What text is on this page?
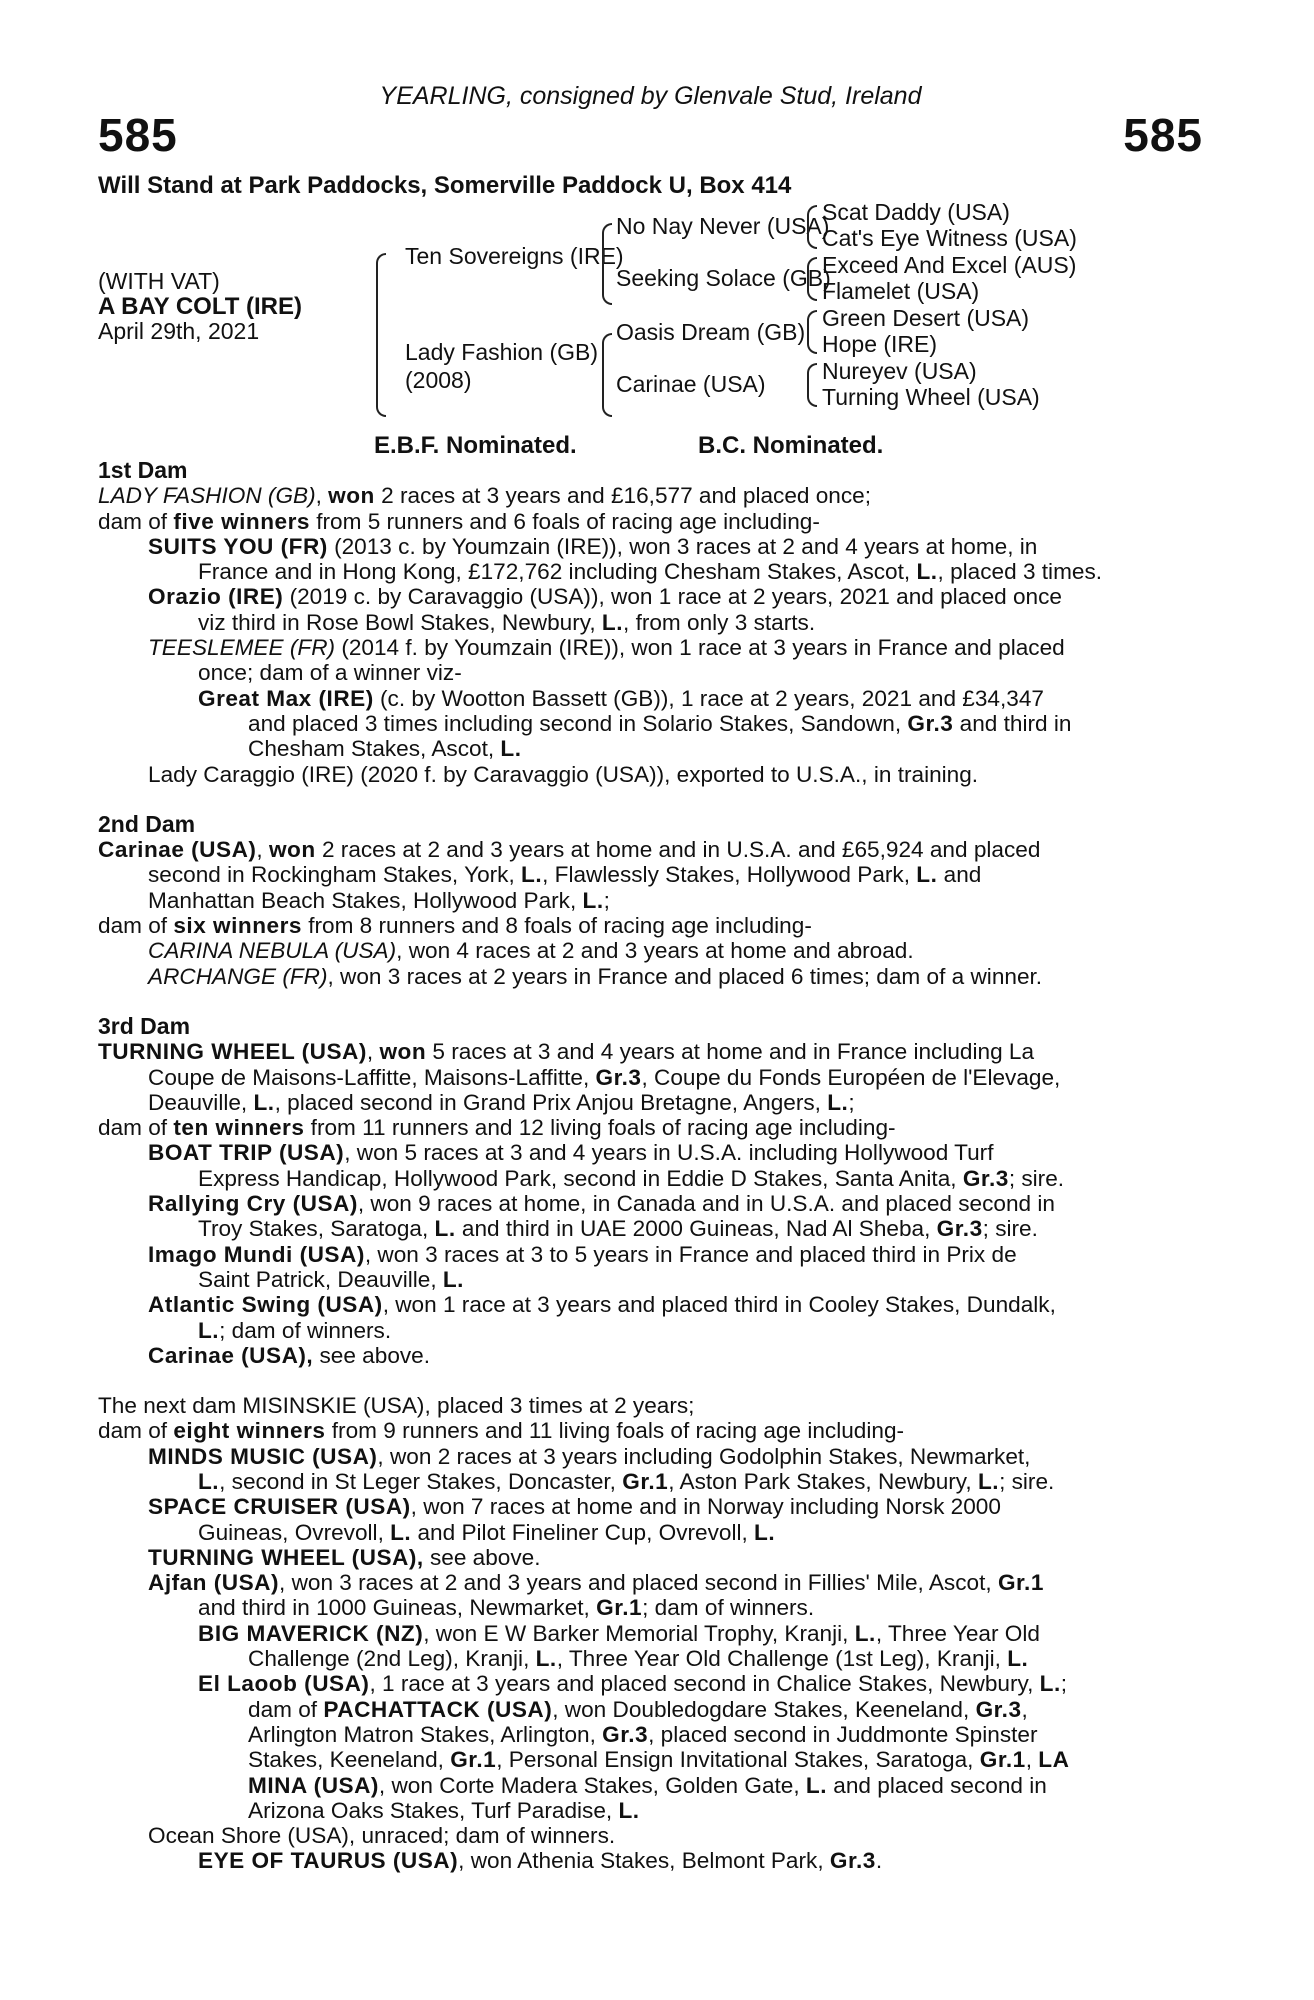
YEARLING, consigned by Glenvale Stud, Ireland
585	585
Will Stand at Park Paddocks, Somerville Paddock U, Box 414
(WITH VAT)
A BAY COLT (IRE)
April 29th, 2021
Ten Sovereigns (IRE)
Lady Fashion (GB)
(2008)
No Nay Never (USA)
Seeking Solace (GB)
Oasis Dream (GB)
Carinae (USA)
Scat Daddy (USA)
Cat's Eye Witness (USA)
Exceed And Excel (AUS)
Flamelet (USA)
Green Desert (USA)
Hope (IRE)
Nureyev (USA)
Turning Wheel (USA)
E.B.F. Nominated.	B.C. Nominated.

1st Dam

LADY FASHION (GB), won 2 races at 3 years and £16,577 and placed once;

dam of five winners from 5 runners and 6 foals of racing age including-

SUITS YOU (FR) (2013 c. by Youmzain (IRE)), won 3 races at 2 and 4 years at home, in
France and in Hong Kong, £172,762 including Chesham Stakes, Ascot, L., placed 3 times.

Orazio (IRE) (2019 c. by Caravaggio (USA)), won 1 race at 2 years, 2021 and placed once
viz third in Rose Bowl Stakes, Newbury, L., from only 3 starts.

TEESLEMEE (FR) (2014 f. by Youmzain (IRE)), won 1 race at 3 years in France and placed
once; dam of a winner viz-

Great Max (IRE) (c. by Wootton Bassett (GB)), 1 race at 2 years, 2021 and £34,347
and placed 3 times including second in Solario Stakes, Sandown, Gr.3 and third in
Chesham Stakes, Ascot, L.

Lady Caraggio (IRE) (2020 f. by Caravaggio (USA)), exported to U.S.A., in training.

2nd Dam

Carinae (USA), won 2 races at 2 and 3 years at home and in U.S.A. and £65,924 and placed
second in Rockingham Stakes, York, L., Flawlessly Stakes, Hollywood Park, L. and
Manhattan Beach Stakes, Hollywood Park, L.;

dam of six winners from 8 runners and 8 foals of racing age including-

CARINA NEBULA (USA), won 4 races at 2 and 3 years at home and abroad.

ARCHANGE (FR), won 3 races at 2 years in France and placed 6 times; dam of a winner.

3rd Dam

TURNING WHEEL (USA), won 5 races at 3 and 4 years at home and in France including La
Coupe de Maisons-Laffitte, Maisons-Laffitte, Gr.3, Coupe du Fonds Européen de l'Elevage,
Deauville, L., placed second in Grand Prix Anjou Bretagne, Angers, L.;

dam of ten winners from 11 runners and 12 living foals of racing age including-

BOAT TRIP (USA), won 5 races at 3 and 4 years in U.S.A. including Hollywood Turf
Express Handicap, Hollywood Park, second in Eddie D Stakes, Santa Anita, Gr.3; sire.

Rallying Cry (USA), won 9 races at home, in Canada and in U.S.A. and placed second in
Troy Stakes, Saratoga, L. and third in UAE 2000 Guineas, Nad Al Sheba, Gr.3; sire.

Imago Mundi (USA), won 3 races at 3 to 5 years in France and placed third in Prix de
Saint Patrick, Deauville, L.

Atlantic Swing (USA), won 1 race at 3 years and placed third in Cooley Stakes, Dundalk,
L.; dam of winners.

Carinae (USA), see above.

The next dam MISINSKIE (USA), placed 3 times at 2 years;

dam of eight winners from 9 runners and 11 living foals of racing age including-

MINDS MUSIC (USA), won 2 races at 3 years including Godolphin Stakes, Newmarket,
L., second in St Leger Stakes, Doncaster, Gr.1, Aston Park Stakes, Newbury, L.; sire.

SPACE CRUISER (USA), won 7 races at home and in Norway including Norsk 2000
Guineas, Ovrevoll, L. and Pilot Fineliner Cup, Ovrevoll, L.

TURNING WHEEL (USA), see above.

Ajfan (USA), won 3 races at 2 and 3 years and placed second in Fillies' Mile, Ascot, Gr.1
and third in 1000 Guineas, Newmarket, Gr.1; dam of winners.

BIG MAVERICK (NZ), won E W Barker Memorial Trophy, Kranji, L., Three Year Old
Challenge (2nd Leg), Kranji, L., Three Year Old Challenge (1st Leg), Kranji, L.

El Laoob (USA), 1 race at 3 years and placed second in Chalice Stakes, Newbury, L.;
dam of PACHATTACK (USA), won Doubledogdare Stakes, Keeneland, Gr.3,
Arlington Matron Stakes, Arlington, Gr.3, placed second in Juddmonte Spinster
Stakes, Keeneland, Gr.1, Personal Ensign Invitational Stakes, Saratoga, Gr.1, LA
MINA (USA), won Corte Madera Stakes, Golden Gate, L. and placed second in
Arizona Oaks Stakes, Turf Paradise, L.

Ocean Shore (USA), unraced; dam of winners.

EYE OF TAURUS (USA), won Athenia Stakes, Belmont Park, Gr.3.
